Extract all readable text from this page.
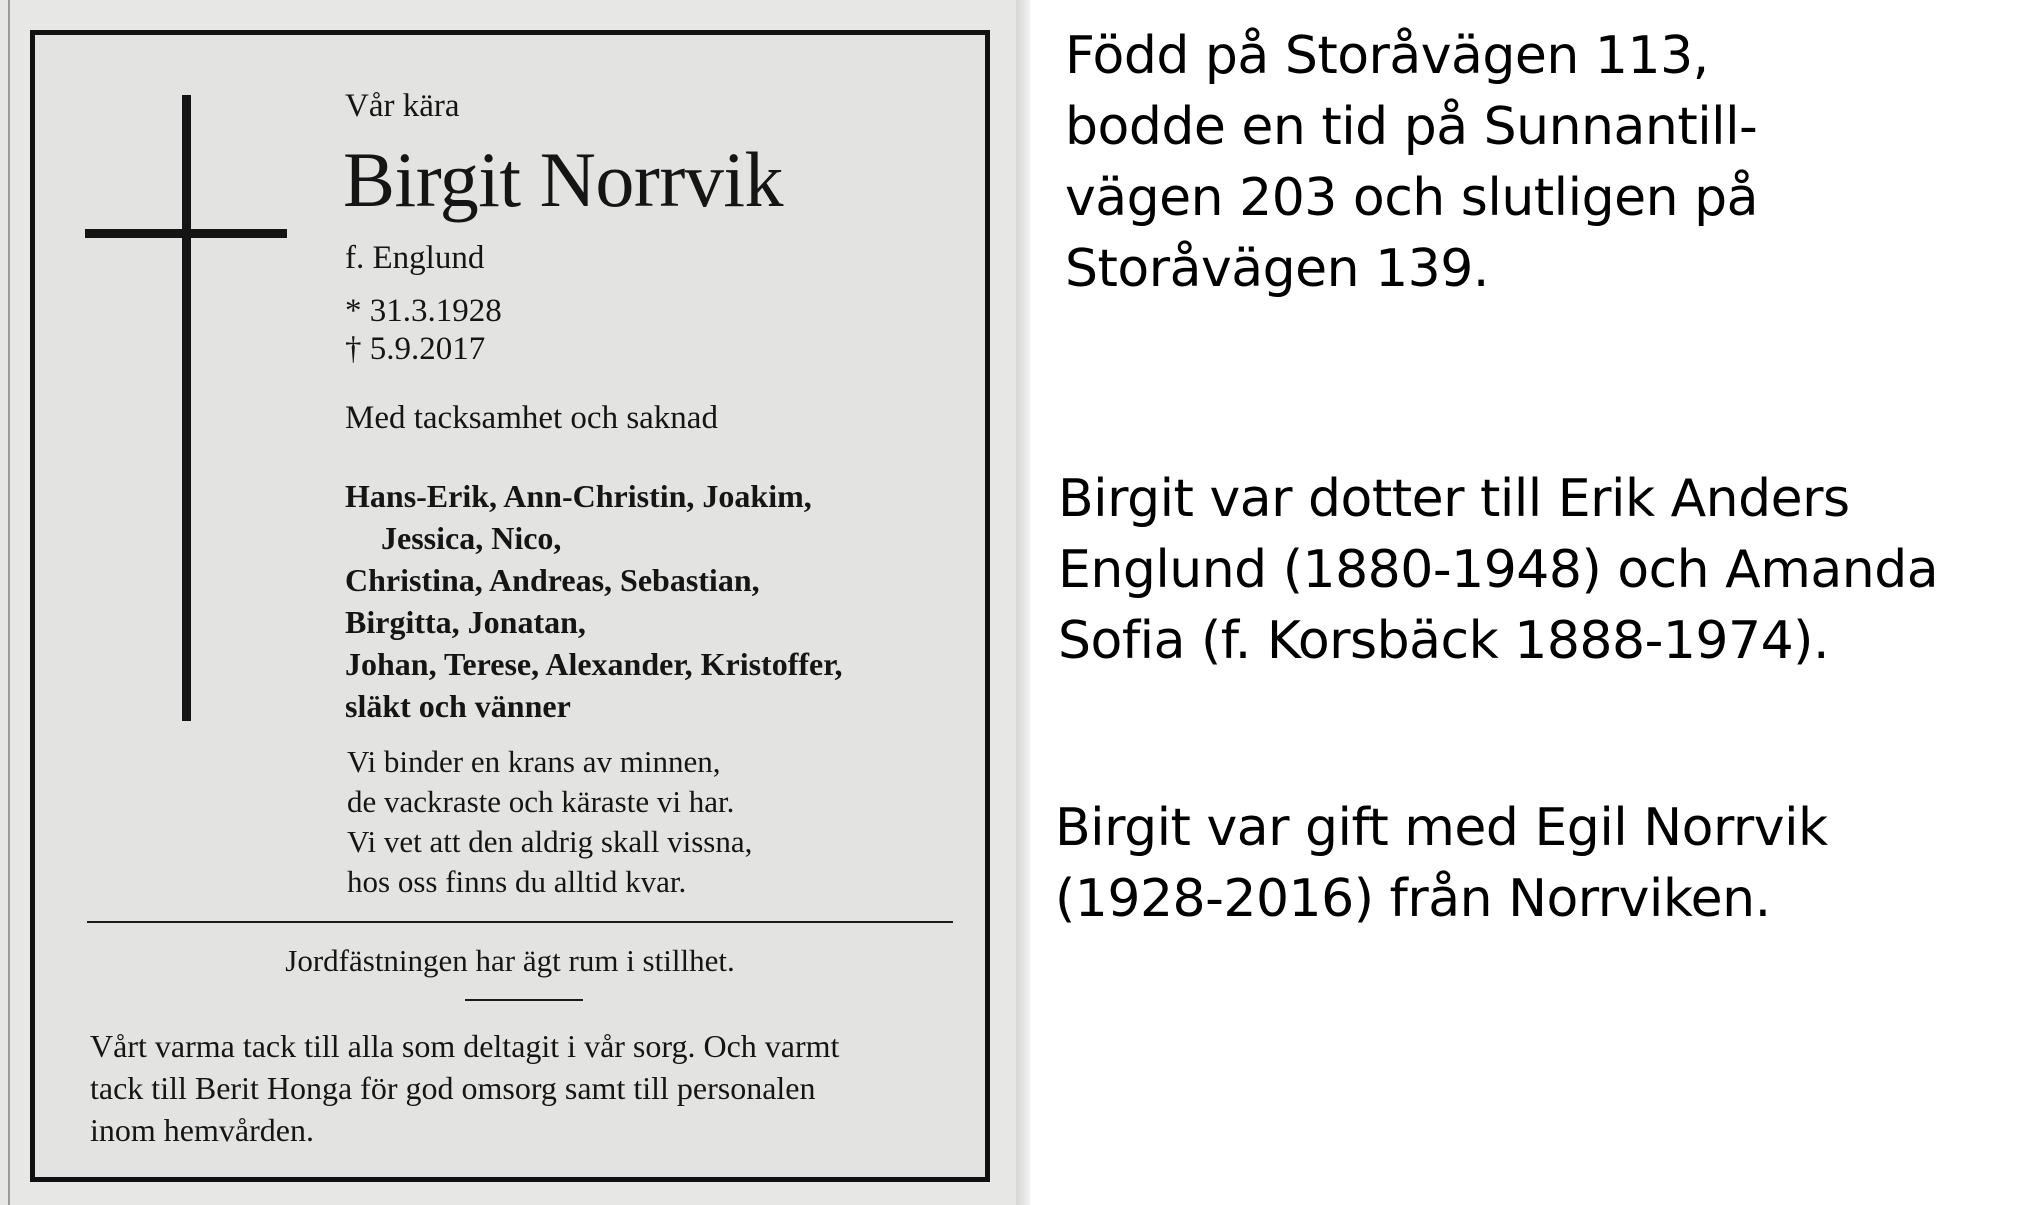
Vår kära
Birgit Norrvik
f. Englund
* 31.3.1928
† 5.9.2017
Med tacksamhet och saknad
Hans-Erik, Ann-Christin, Joakim,
Jessica, Nico,
Christina, Andreas, Sebastian,
Birgitta, Jonatan,
Johan, Terese, Alexander, Kristoffer,
släkt och vänner
Vi binder en krans av minnen,
de vackraste och käraste vi har.
Vi vet att den aldrig skall vissna,
hos oss finns du alltid kvar.
Jordfästningen har ägt rum i stillhet.
Vårt varma tack till alla som deltagit i vår sorg. Och varmt
tack till Berit Honga för god omsorg samt till personalen
inom hemvården.
Född på Storåvägen 113,
bodde en tid på Sunnantill-
vägen 203 och slutligen på
Storåvägen 139.
Birgit var dotter till Erik Anders
Englund (1880-1948) och Amanda
Sofia (f. Korsbäck 1888-1974).
Birgit var gift med Egil Norrvik
(1928-2016) från Norrviken.
